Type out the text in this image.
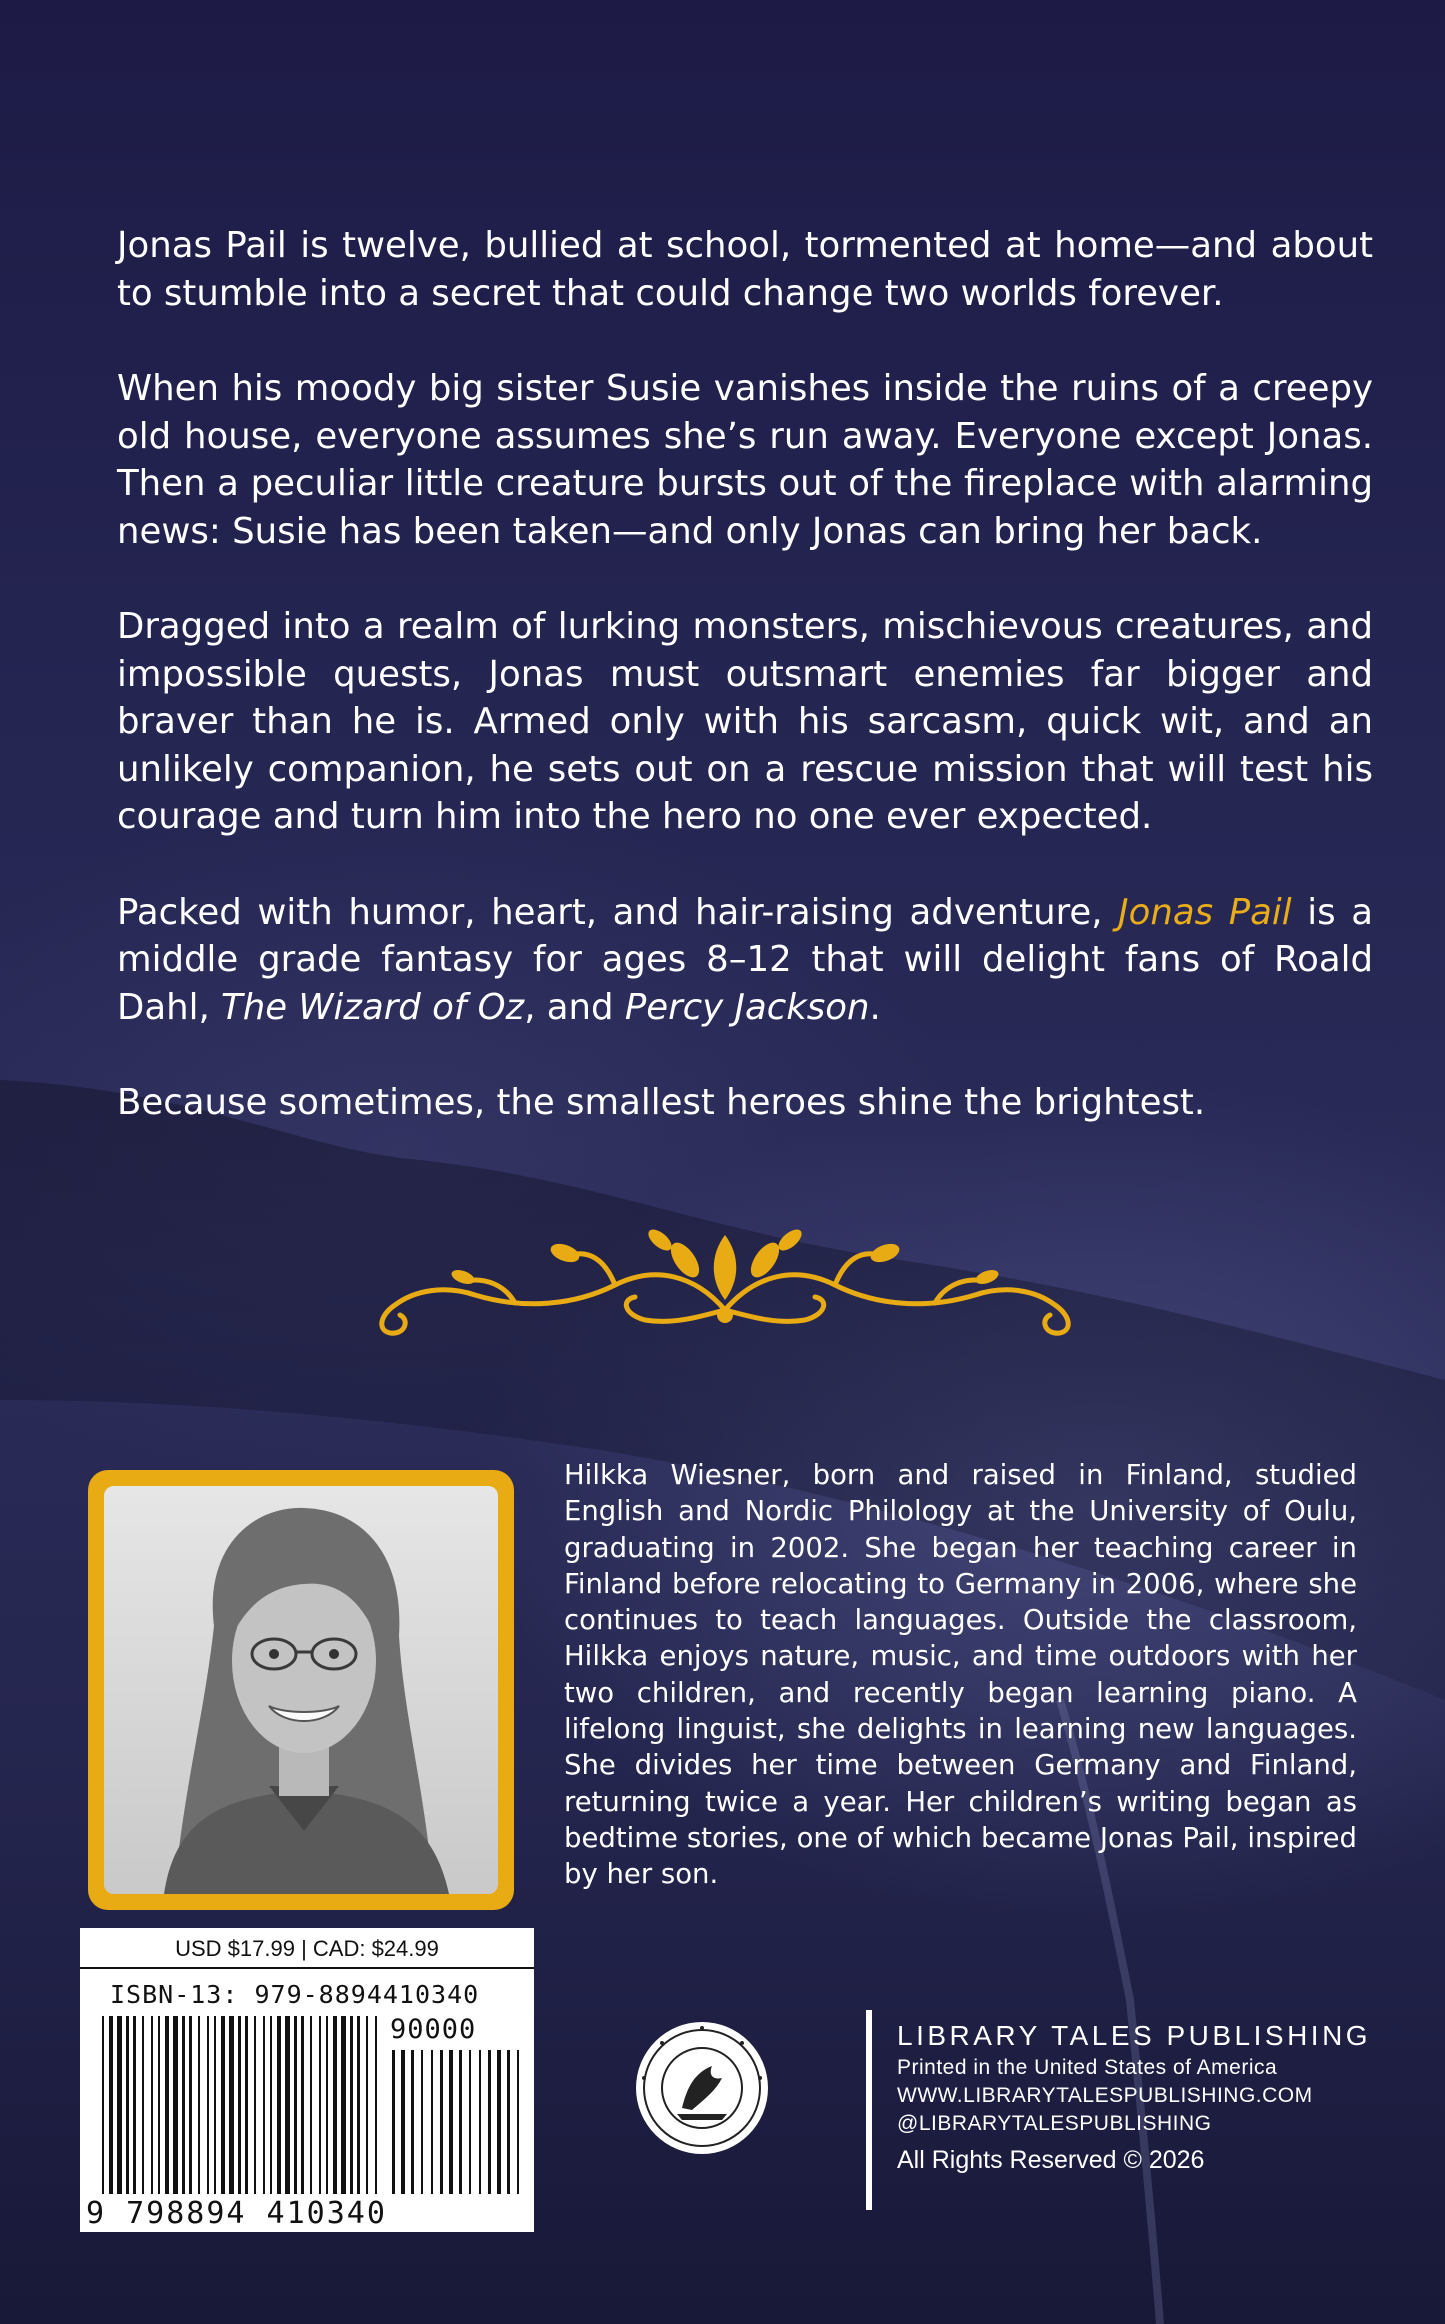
Jonas Pail is twelve, bullied at school, tormented at home—and about to stumble into a secret that could change two worlds forever.

When his moody big sister Susie vanishes inside the ruins of a creepy old house, everyone assumes she’s run away. Everyone except Jonas. Then a peculiar little creature bursts out of the fireplace with alarming news: Susie has been taken—and only Jonas can bring her back.

Dragged into a realm of lurking monsters, mischievous creatures, and impossible quests, Jonas must outsmart enemies far bigger and braver than he is. Armed only with his sarcasm, quick wit, and an unlikely companion, he sets out on a rescue mission that will test his courage and turn him into the hero no one ever expected.

Packed with humor, heart, and hair-raising adventure, Jonas Pail is a middle grade fantasy for ages 8–12 that will delight fans of Roald Dahl, The Wizard of Oz, and Percy Jackson.

Because sometimes, the smallest heroes shine the brightest.

Hilkka Wiesner, born and raised in Finland, studied English and Nordic Philology at the University of Oulu, graduating in 2002. She began her teaching career in Finland before relocating to Germany in 2006, where she continues to teach languages. Outside the classroom, Hilkka enjoys nature, music, and time outdoors with her two children, and recently began learning piano. A lifelong linguist, she delights in learning new languages. She divides her time between Germany and Finland, returning twice a year. Her children’s writing began as bedtime stories, one of which became Jonas Pail, inspired by her son.
USD $17.99 | CAD: $24.99
ISBN-13: 979-8894410340
90000
9 798894 410340
LIBRARY TALES PUBLISHING
Printed in the United States of America
WWW.LIBRARYTALESPUBLISHING.COM
@LIBRARYTALESPUBLISHING
All Rights Reserved © 2026
